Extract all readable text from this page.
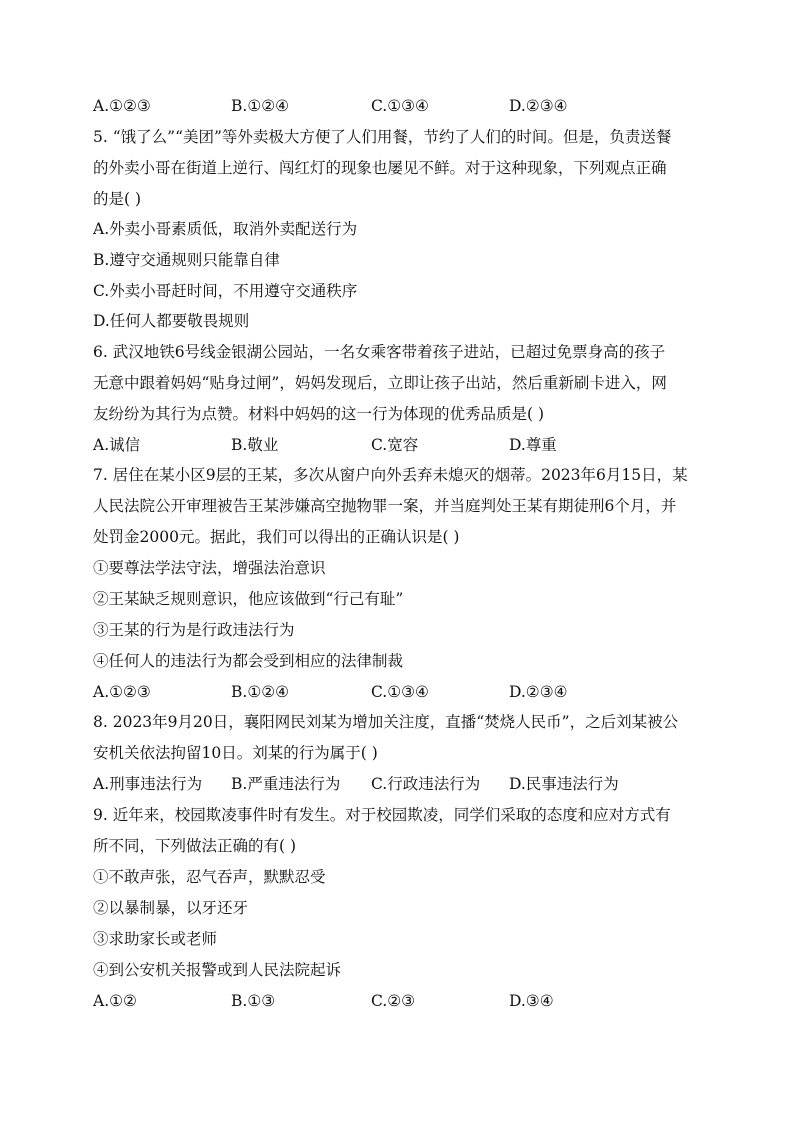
A.①②③	B.①②④	C.①③④	D.②③④
5. “饿了么”“美团”等外卖极大方便了人们用餐，节约了人们的时间。但是，负责送餐
的外卖小哥在街道上逆行、闯红灯的现象也屡见不鲜。对于这种现象，下列观点正确
的是( )
A.外卖小哥素质低，取消外卖配送行为
B.遵守交通规则只能靠自律
C.外卖小哥赶时间，不用遵守交通秩序
D.任何人都要敬畏规则
6. 武汉地铁6号线金银湖公园站，一名女乘客带着孩子进站，已超过免票身高的孩子
无意中跟着妈妈“贴身过闸”，妈妈发现后，立即让孩子出站，然后重新刷卡进入，网
友纷纷为其行为点赞。材料中妈妈的这一行为体现的优秀品质是( )
A.诚信	B.敬业	C.宽容	D.尊重
7. 居住在某小区9层的王某，多次从窗户向外丢弃未熄灭的烟蒂。2023年6月15日，某
人民法院公开审理被告王某涉嫌高空抛物罪一案，并当庭判处王某有期徒刑6个月，并
处罚金2000元。据此，我们可以得出的正确认识是( )
①要尊法学法守法，增强法治意识
②王某缺乏规则意识，他应该做到“行己有耻”
③王某的行为是行政违法行为
④任何人的违法行为都会受到相应的法律制裁
A.①②③	B.①②④	C.①③④	D.②③④
8. 2023年9月20日，襄阳网民刘某为增加关注度，直播“焚烧人民币”，之后刘某被公
安机关依法拘留10日。刘某的行为属于( )
A.刑事违法行为 B.严重违法行为 C.行政违法行为 D.民事违法行为
9. 近年来，校园欺凌事件时有发生。对于校园欺凌，同学们采取的态度和应对方式有
所不同，下列做法正确的有( )
①不敢声张，忍气吞声，默默忍受
②以暴制暴，以牙还牙
③求助家长或老师
④到公安机关报警或到人民法院起诉
A.①②	B.①③	C.②③	D.③④
